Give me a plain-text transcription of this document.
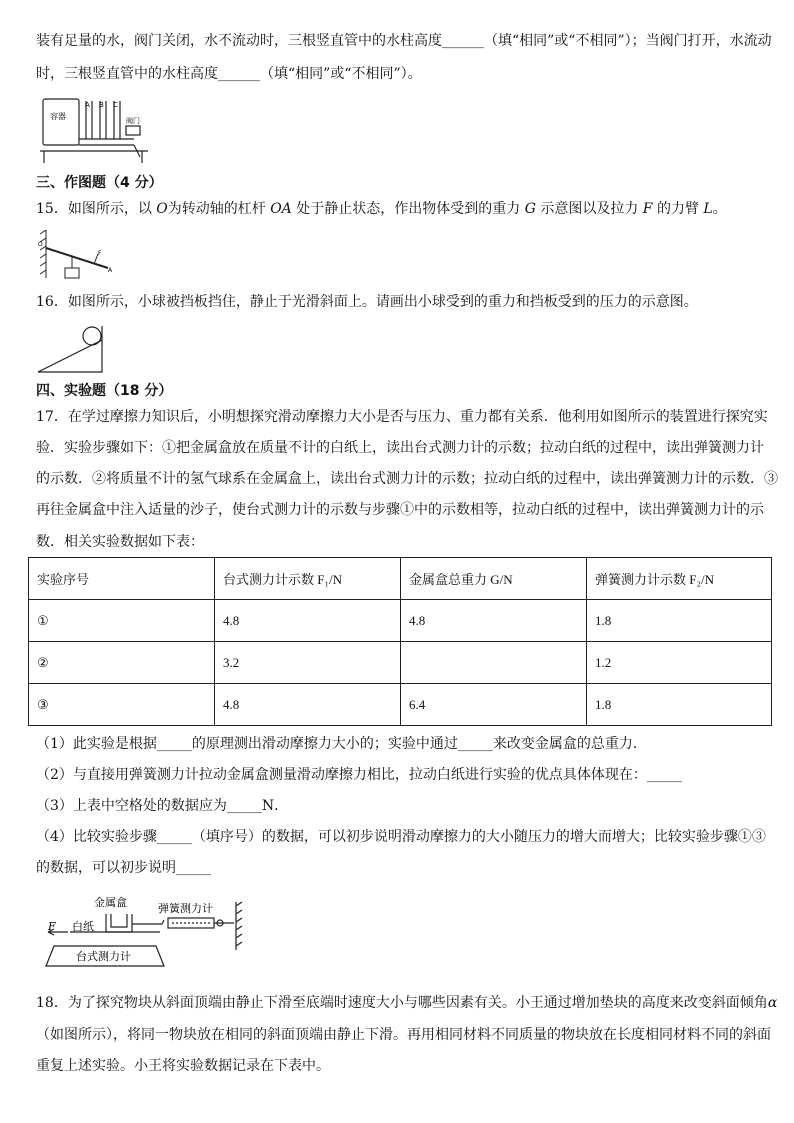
装有足量的水，阀门关闭，水不流动时，三根竖直管中的水柱高度______（填“相同”或“不相同”）；当阀门打开，水流动
时，三根竖直管中的水柱高度______（填“相同”或“不相同”）。
容器
A B C
阀门
三、作图题（4 分）
15．如图所示，以 O为转动轴的杠杆 OA 处于静止状态，作出物体受到的重力 G 示意图以及拉力 F 的力臂 L。
O
F
A
16．如图所示，小球被挡板挡住，静止于光滑斜面上。请画出小球受到的重力和挡板受到的压力的示意图。
四、实验题（18 分）
17．在学过摩擦力知识后，小明想探究滑动摩擦力大小是否与压力、重力都有关系．他利用如图所示的装置进行探究实
验．实验步骤如下：①把金属盒放在质量不计的白纸上，读出台式测力计的示数；拉动白纸的过程中，读出弹簧测力计
的示数．②将质量不计的氢气球系在金属盒上，读出台式测力计的示数；拉动白纸的过程中，读出弹簧测力计的示数．③
再往金属盒中注入适量的沙子，使台式测力计的示数与步骤①中的示数相等，拉动白纸的过程中，读出弹簧测力计的示
数．相关实验数据如下表：
实验序号	台式测力计示数 F₁/N	金属盒总重力 G/N	弹簧测力计示数 F₂/N
①	4.8	4.8	1.8
②	3.2		1.2
③	4.8	6.4	1.8
（1）此实验是根据_____的原理测出滑动摩擦力大小的；实验中通过_____来改变金属盒的总重力．
（2）与直接用弹簧测力计拉动金属盒测量滑动摩擦力相比，拉动白纸进行实验的优点具体体现在：_____
（3）上表中空格处的数据应为_____N．
（4）比较实验步骤_____（填序号）的数据，可以初步说明滑动摩擦力的大小随压力的增大而增大；比较实验步骤①③
的数据，可以初步说明_____
金属盒	弹簧测力计
F 白纸
台式测力计
18．为了探究物块从斜面顶端由静止下滑至底端时速度大小与哪些因素有关。小王通过增加垫块的高度来改变斜面倾角α
（如图所示），将同一物块放在相同的斜面顶端由静止下滑。再用相同材料不同质量的物块放在长度相同材料不同的斜面
重复上述实验。小王将实验数据记录在下表中。
